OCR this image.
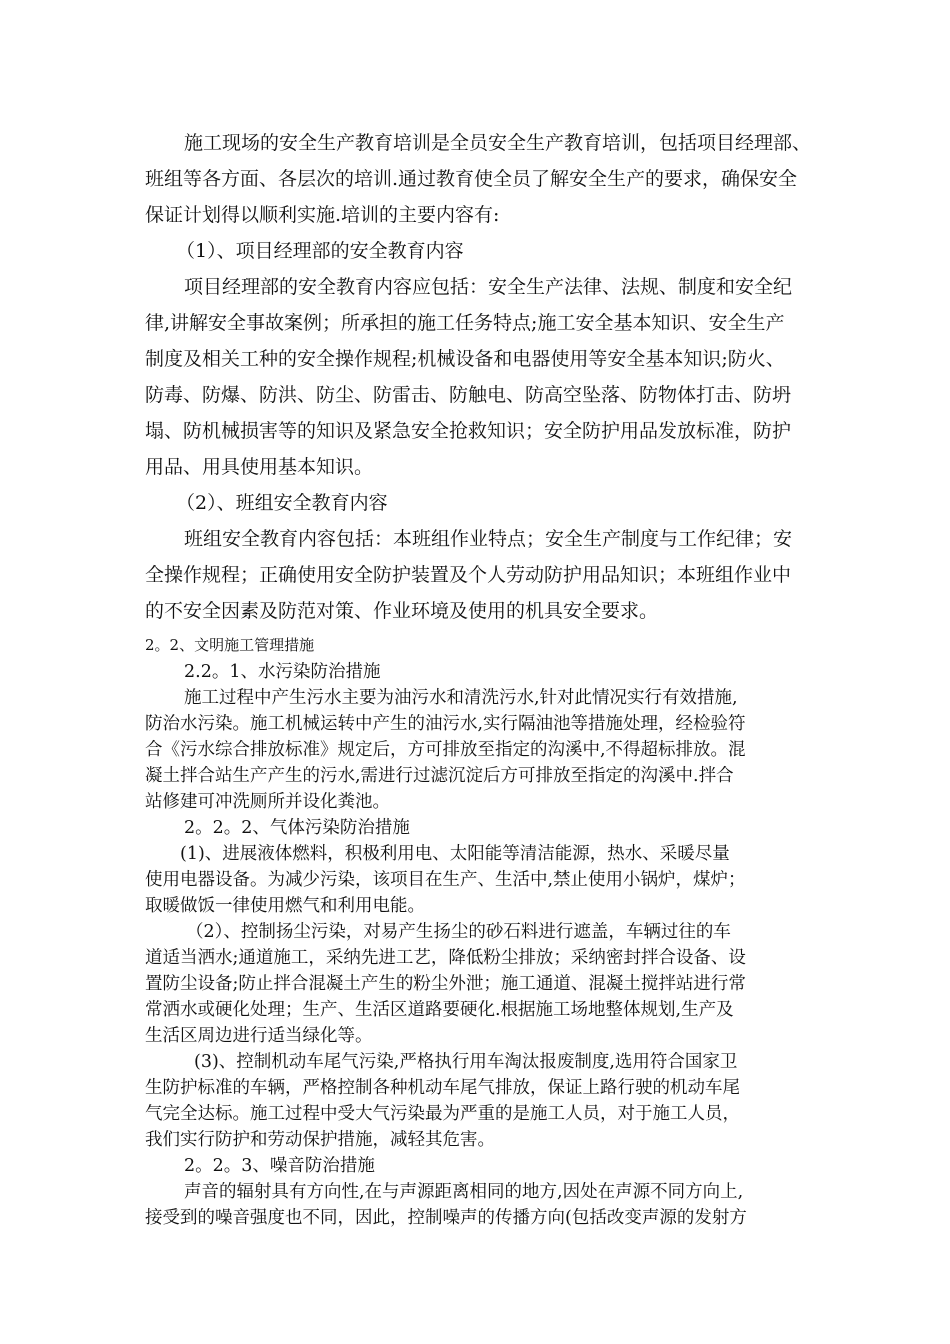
施工现场的安全生产教育培训是全员安全生产教育培训，包括项目经理部、
班组等各方面、各层次的培训.通过教育使全员了解安全生产的要求，确保安全
保证计划得以顺利实施.培训的主要内容有:
（1）、项目经理部的安全教育内容
项目经理部的安全教育内容应包括：安全生产法律、法规、制度和安全纪
律,讲解安全事故案例；所承担的施工任务特点;施工安全基本知识、安全生产
制度及相关工种的安全操作规程;机械设备和电器使用等安全基本知识;防火、
防毒、防爆、防洪、防尘、防雷击、防触电、防高空坠落、防物体打击、防坍
塌、防机械损害等的知识及紧急安全抢救知识；安全防护用品发放标准，防护
用品、用具使用基本知识。
（2）、班组安全教育内容
班组安全教育内容包括：本班组作业特点；安全生产制度与工作纪律；安
全操作规程；正确使用安全防护装置及个人劳动防护用品知识；本班组作业中
的不安全因素及防范对策、作业环境及使用的机具安全要求。
2。2、文明施工管理措施
2.2。1、水污染防治措施
施工过程中产生污水主要为油污水和清洗污水,针对此情况实行有效措施,
防治水污染。施工机械运转中产生的油污水,实行隔油池等措施处理，经检验符
合《污水综合排放标准》规定后，方可排放至指定的沟溪中,不得超标排放。混
凝土拌合站生产产生的污水,需进行过滤沉淀后方可排放至指定的沟溪中.拌合
站修建可冲洗厕所并设化粪池。
2。2。2、气体污染防治措施
(1)、进展液体燃料，积极利用电、太阳能等清洁能源，热水、采暖尽量
使用电器设备。为减少污染，该项目在生产、生活中,禁止使用小锅炉，煤炉；
取暖做饭一律使用燃气和利用电能。
（2）、控制扬尘污染，对易产生扬尘的砂石料进行遮盖，车辆过往的车
道适当洒水;通道施工，采纳先进工艺，降低粉尘排放；采纳密封拌合设备、设
置防尘设备;防止拌合混凝土产生的粉尘外泄；施工通道、混凝土搅拌站进行常
常洒水或硬化处理；生产、生活区道路要硬化.根据施工场地整体规划,生产及
生活区周边进行适当绿化等。
(3)、控制机动车尾气污染,严格执行用车淘汰报废制度,选用符合国家卫
生防护标准的车辆，严格控制各种机动车尾气排放，保证上路行驶的机动车尾
气完全达标。施工过程中受大气污染最为严重的是施工人员，对于施工人员，
我们实行防护和劳动保护措施，减轻其危害。
2。2。3、噪音防治措施
声音的辐射具有方向性,在与声源距离相同的地方,因处在声源不同方向上,
接受到的噪音强度也不同，因此，控制噪声的传播方向(包括改变声源的发射方
